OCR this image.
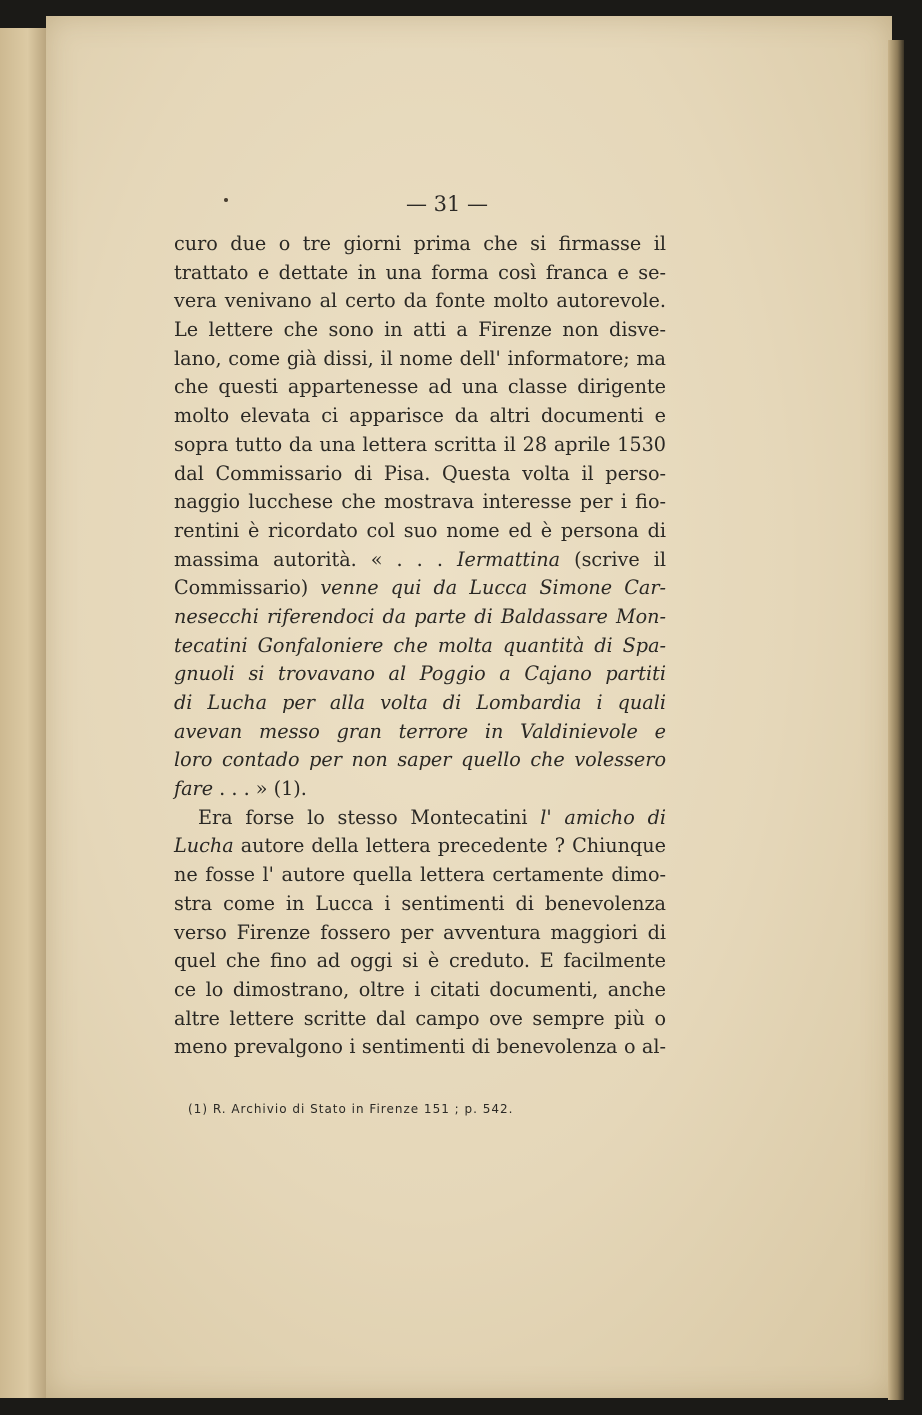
— 31 —
curo due o tre giorni prima che si firmasse il
trattato e dettate in una forma così franca e se-
vera venivano al certo da fonte molto autorevole.
Le lettere che sono in atti a Firenze non disve-
lano, come già dissi, il nome dell' informatore; ma
che questi appartenesse ad una classe dirigente
molto elevata ci apparisce da altri documenti e
sopra tutto da una lettera scritta il 28 aprile 1530
dal Commissario di Pisa. Questa volta il perso-
naggio lucchese che mostrava interesse per i fio-
rentini è ricordato col suo nome ed è persona di
massima autorità. « . . . Iermattina (scrive il
Commissario) venne qui da Lucca Simone Car-
nesecchi riferendoci da parte di Baldassare Mon-
tecatini Gonfaloniere che molta quantità di Spa-
gnuoli si trovavano al Poggio a Cajano partiti
di Lucha per alla volta di Lombardia i quali
avevan messo gran terrore in Valdinievole e
loro contado per non saper quello che volessero
fare . . . » (1).
Era forse lo stesso Montecatini l' amicho di
Lucha autore della lettera precedente ? Chiunque
ne fosse l' autore quella lettera certamente dimo-
stra come in Lucca i sentimenti di benevolenza
verso Firenze fossero per avventura maggiori di
quel che fino ad oggi si è creduto. E facilmente
ce lo dimostrano, oltre i citati documenti, anche
altre lettere scritte dal campo ove sempre più o
meno prevalgono i sentimenti di benevolenza o al-
(1) R. Archivio di Stato in Firenze 151 ; p. 542.
